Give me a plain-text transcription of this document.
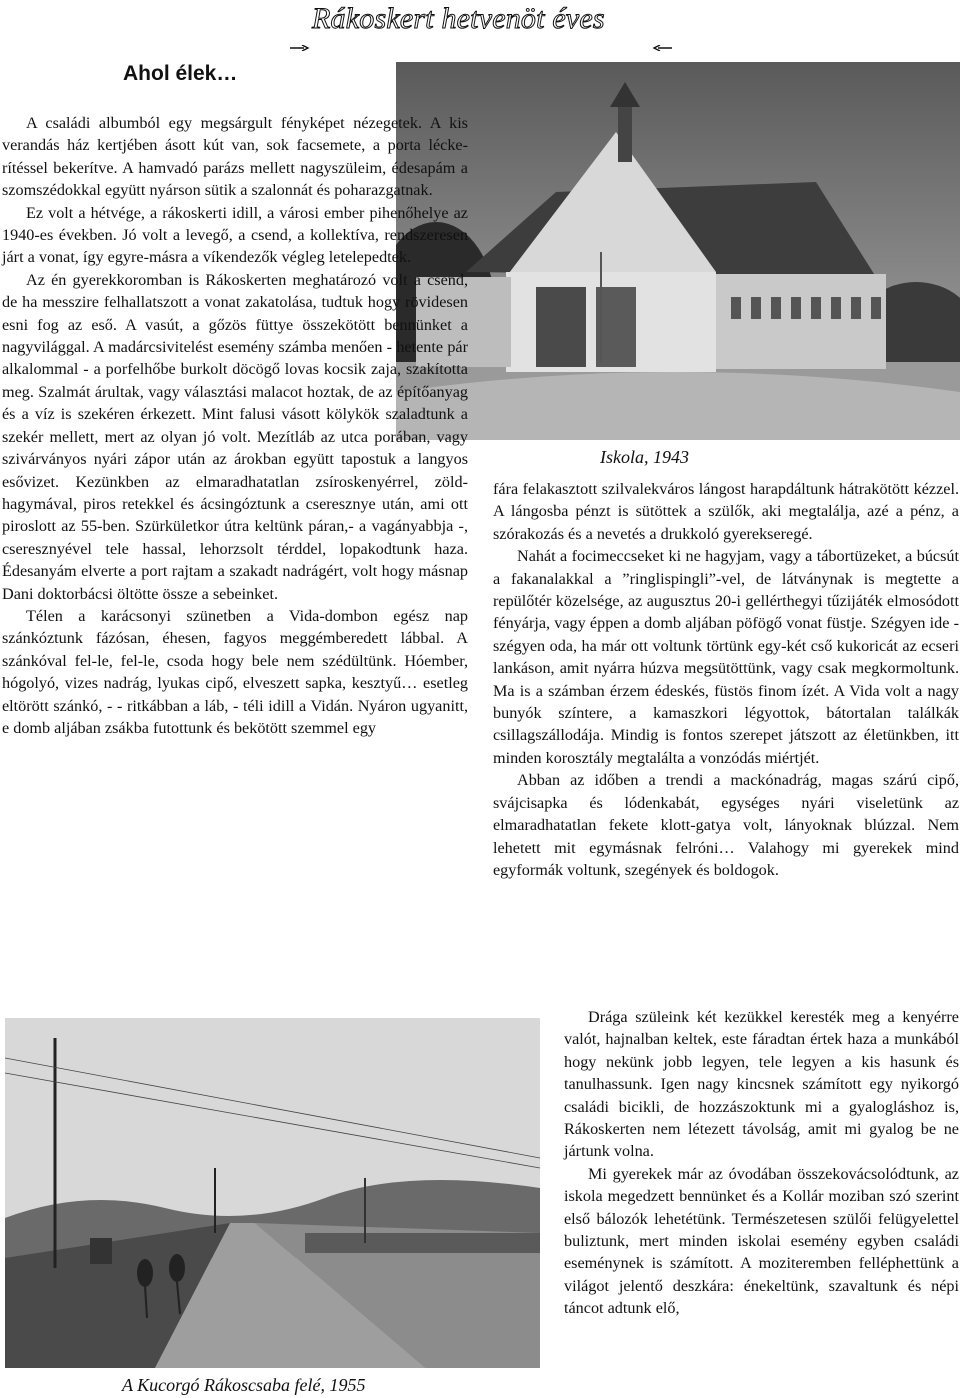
Rákoskert hetvenöt éves
Ahol élek…
Iskola, 1943

A családi albumból egy megsárgult fényképet nézegetek. A kis verandás ház kertjében ásott kút van, sok facsemete, a porta léckerítéssel bekerítve. A hamvadó parázs mellett nagyszüleim, édesapám a szomszédokkal együtt nyárson sütik a szalonnát és poharazgatnak.

Ez volt a hétvége, a rákoskerti idill, a városi ember pihenőhelye az 1940-es években. Jó volt a levegő, a csend, a kollektíva, rendszeresen járt a vonat, így egyre-másra a víkendezők végleg letelepedtek.

Az én gyerekkoromban is Rákoskerten meghatározó volt a csend, de ha messzire felhallatszott a vonat zakatolása, tudtuk hogy rövidesen esni fog az eső. A vasút, a gőzös füttye összekötött bennünket a nagyvilággal. A madárcsivitelést esemény számba menően - hetente pár alkalommal - a porfelhőbe burkolt döcögő lovas kocsik zaja, szakította meg. Szalmát árultak, vagy választási malacot hoztak, de az építőanyag és a víz is szekéren érkezett. Mint falusi vásott kölykök szaladtunk a szekér mellett, mert az olyan jó volt. Mezítláb az utca porában, vagy szivárványos nyári zápor után az árokban együtt tapostuk a langyos esővizet. Kezünkben az elmaradhatatlan zsíroskenyérrel, zöldhagymával, piros retekkel és ácsingóztunk a cseresznye után, ami ott piroslott az 55-ben. Szürkületkor útra keltünk páran,- a vagányabbja -, cseresznyével tele hassal, lehorzsolt térddel, lopakodtunk haza. Édesanyám elverte a port rajtam a szakadt nadrágért, volt hogy másnap Dani doktorbácsi öltötte össze a sebeinket.

Télen a karácsonyi szünetben a Vida-dombon egész nap szánkóztunk fázósan, éhesen, fagyos meggémberedett lábbal. A szánkóval fel-le, fel-le, csoda hogy bele nem szédültünk. Hóember, hógolyó, vizes nadrág, lyukas cipő, elveszett sapka, kesztyű… esetleg eltörött szánkó, - - ritkábban a láb, - téli idill a Vidán. Nyáron ugyanitt, e domb aljában zsákba futottunk és bekötött szemmel egy

fára felakasztott szilvalekváros lángost harapdáltunk hátrakötött kézzel. A lángosba pénzt is sütöttek a szülők, aki megtalálja, azé a pénz, a szórakozás és a nevetés a drukkoló gyerekseregé.

Nahát a focimeccseket ki ne hagyjam, vagy a tábortüzeket, a búcsút a fakanalakkal a ”ringlispingli”-vel, de látványnak is megtette a repülőtér közelsége, az augusztus 20-i gellérthegyi tűzijáték elmosódott fényárja, vagy éppen a domb aljában pöfögő vonat füstje. Szégyen ide - szégyen oda, ha már ott voltunk törtünk egy-két cső kukoricát az ecseri lankáson, amit nyárra húzva megsütöttünk, vagy csak megkormoltunk. Ma is a számban érzem édeskés, füstös finom ízét. A Vida volt a nagy bunyók színtere, a kamaszkori légyottok, bátortalan találkák csillagszállodája. Mindig is fontos szerepet játszott az életünkben, itt minden korosztály megtalálta a vonzódás miértjét.

Abban az időben a trendi a mackónadrág, magas szárú cipő, svájcisapka és lódenkabát, egységes nyári viseletünk az elmaradhatatlan fekete klott-gatya volt, lányoknak blúzzal. Nem lehetett mit egymásnak felróni… Valahogy mi gyerekek mind egyformák voltunk, szegények és boldogok.

A Kucorgó Rákoscsaba felé, 1955

Drága szüleink két kezükkel keresték meg a kenyérre valót, hajnalban keltek, este fáradtan értek haza a munkából hogy nekünk jobb legyen, tele legyen a kis hasunk és tanulhassunk. Igen nagy kincsnek számított egy nyikorgó családi bicikli, de hozzászoktunk mi a gyalogláshoz is, Rákoskerten nem létezett távolság, amit mi gyalog be ne jártunk volna.

Mi gyerekek már az óvodában összekovácsolódtunk, az iskola megedzett bennünket és a Kollár moziban szó szerint első bálozók lehetétünk. Természetesen szülői felügyelettel buliztunk, mert minden iskolai esemény egyben családi eseménynek is számított. A moziteremben felléphettünk a világot jelentő deszkára: énekeltünk, szavaltunk és népi táncot adtunk elő,
